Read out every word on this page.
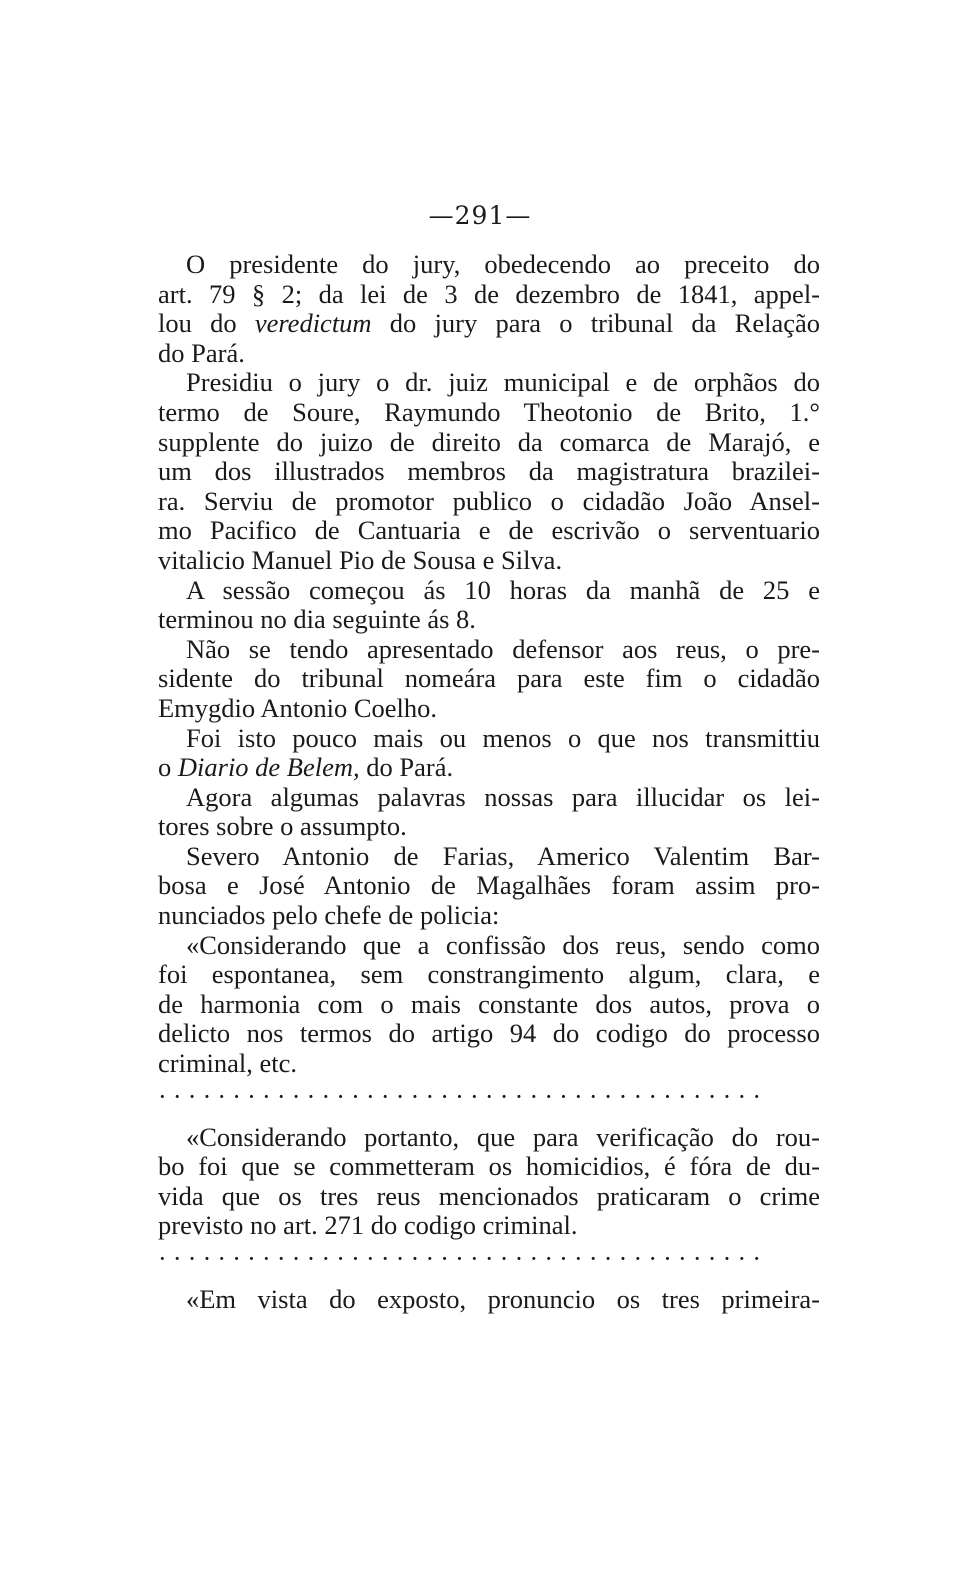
—291—
O presidente do jury, obedecendo ao preceito do
art. 79 § 2; da lei de 3 de dezembro de 1841, appel-
lou do veredictum do jury para o tribunal da Relação
do Pará.
Presidiu o jury o dr. juiz municipal e de orphãos do
termo de Soure, Raymundo Theotonio de Brito, 1.°
supplente do juizo de direito da comarca de Marajó, e
um dos illustrados membros da magistratura brazilei-
ra. Serviu de promotor publico o cidadão João Ansel-
mo Pacifico de Cantuaria e de escrivão o serventuario
vitalicio Manuel Pio de Sousa e Silva.
A sessão começou ás 10 horas da manhã de 25 e
terminou no dia seguinte ás 8.
Não se tendo apresentado defensor aos reus, o pre-
sidente do tribunal nomeára para este fim o cidadão
Emygdio Antonio Coelho.
Foi isto pouco mais ou menos o que nos transmittiu
o Diario de Belem, do Pará.
Agora algumas palavras nossas para illucidar os lei-
tores sobre o assumpto.
Severo Antonio de Farias, Americo Valentim Bar-
bosa e José Antonio de Magalhães foram assim pro-
nunciados pelo chefe de policia:
«Considerando que a confissão dos reus, sendo como
foi espontanea, sem constrangimento algum, clara, e
de harmonia com o mais constante dos autos, prova o
delicto nos termos do artigo 94 do codigo do processo
criminal, etc.
·········································
«Considerando portanto, que para verificação do rou-
bo foi que se commetteram os homicidios, é fóra de du-
vida que os tres reus mencionados praticaram o crime
previsto no art. 271 do codigo criminal.
·········································
«Em vista do exposto, pronuncio os tres primeira-
